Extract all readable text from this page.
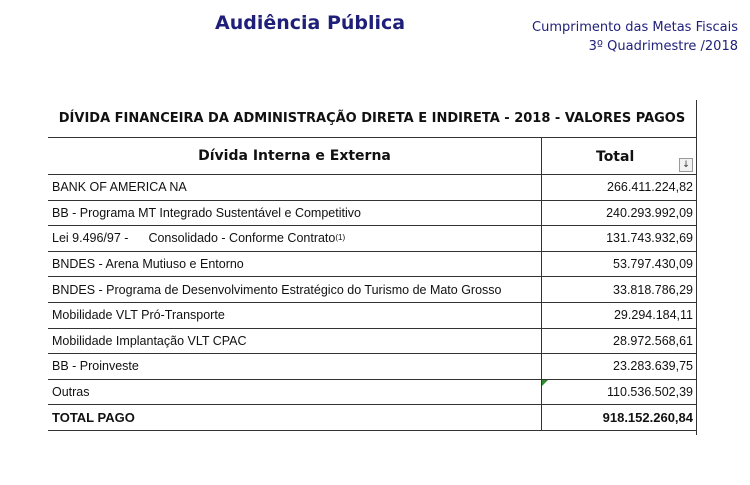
Audiência Pública	Cumprimento das Metas Fiscais
3º Quadrimestre /2018
DÍVIDA FINANCEIRA DA ADMINISTRAÇÃO DIRETA E INDIRETA - 2018 - VALORES PAGOS
Dívida Interna e Externa	Total	↓
BANK OF AMERICA NA	266.411.224,82
BB - Programa MT Integrado Sustentável e Competitivo	240.293.992,09
Lei 9.496/97 - Consolidado - Conforme Contrato (1)	131.743.932,69
BNDES - Arena Mutiuso e Entorno	53.797.430,09
BNDES - Programa de Desenvolvimento Estratégico do Turismo de Mato Grosso	33.818.786,29
Mobilidade VLT Pró-Transporte	29.294.184,11
Mobilidade Implantação VLT CPAC	28.972.568,61
BB - Proinveste	23.283.639,75
Outras	110.536.502,39
TOTAL PAGO	918.152.260,84
